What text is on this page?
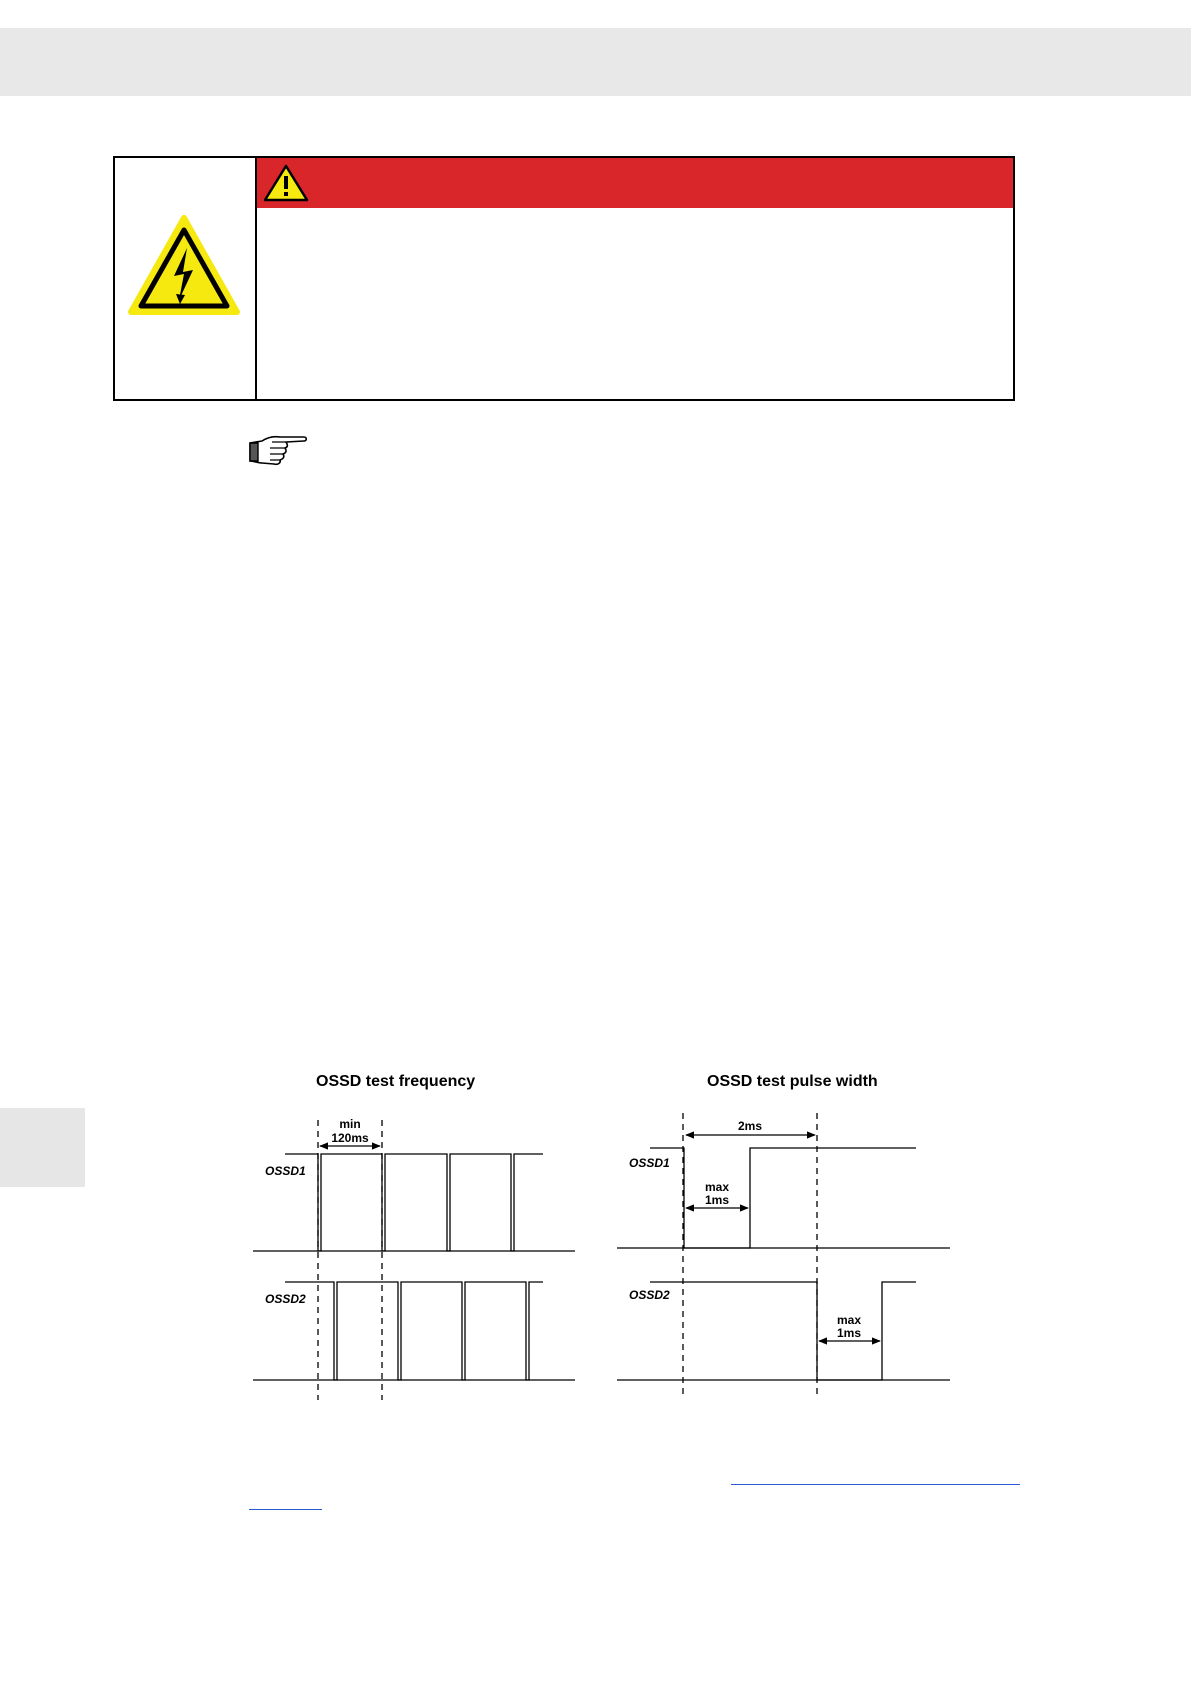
OSSD test frequency	OSSD test pulse width
OSSD1
OSSD2
min
120ms
OSSD1
OSSD2
2ms
max
1ms
max
1ms
